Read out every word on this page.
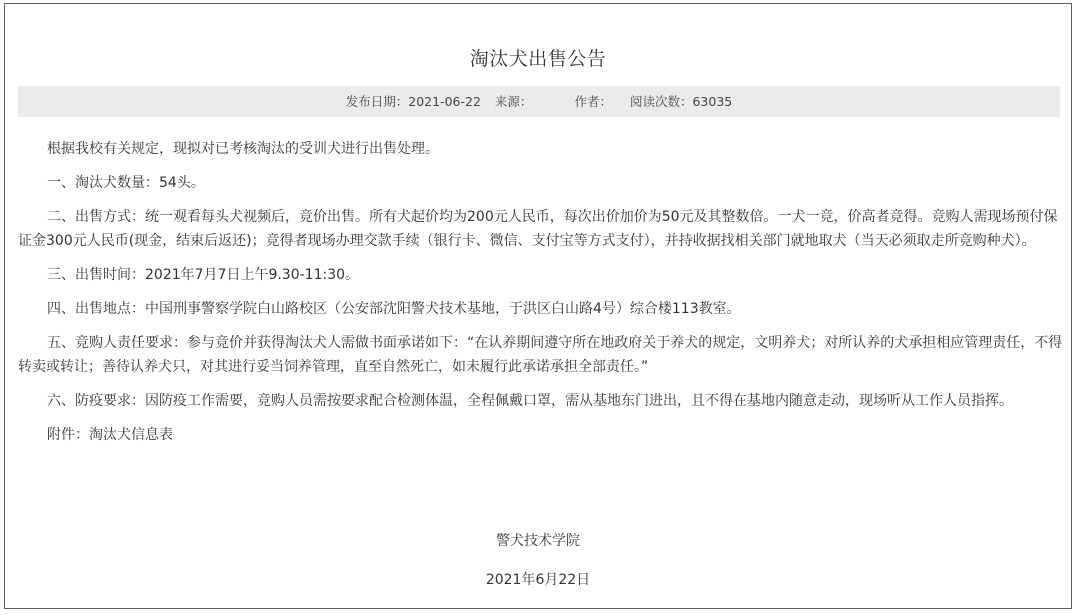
淘汰犬出售公告
发布日期：2021-06-22 来源：	作者： 阅读次数：63035

根据我校有关规定，现拟对已考核淘汰的受训犬进行出售处理。

一、淘汰犬数量：54头。

二、出售方式：统一观看每头犬视频后，竞价出售。所有犬起价均为200元人民币，每次出价加价为50元及其整数倍。一犬一竞，价高者竞得。竞购人需现场预付保证金300元人民币(现金，结束后返还)；竞得者现场办理交款手续（银行卡、微信、支付宝等方式支付），并持收据找相关部门就地取犬（当天必须取走所竞购种犬）。

三、出售时间：2021年7月7日上午9.30-11:30。

四、出售地点：中国刑事警察学院白山路校区（公安部沈阳警犬技术基地，于洪区白山路4号）综合楼113教室。

五、竞购人责任要求：参与竞价并获得淘汰犬人需做书面承诺如下：“在认养期间遵守所在地政府关于养犬的规定，文明养犬；对所认养的犬承担相应管理责任，不得转卖或转让；善待认养犬只，对其进行妥当饲养管理，直至自然死亡，如未履行此承诺承担全部责任。”

六、防疫要求：因防疫工作需要，竞购人员需按要求配合检测体温，全程佩戴口罩，需从基地东门进出，且不得在基地内随意走动，现场听从工作人员指挥。

附件：淘汰犬信息表

警犬技术学院
2021年6月22日
